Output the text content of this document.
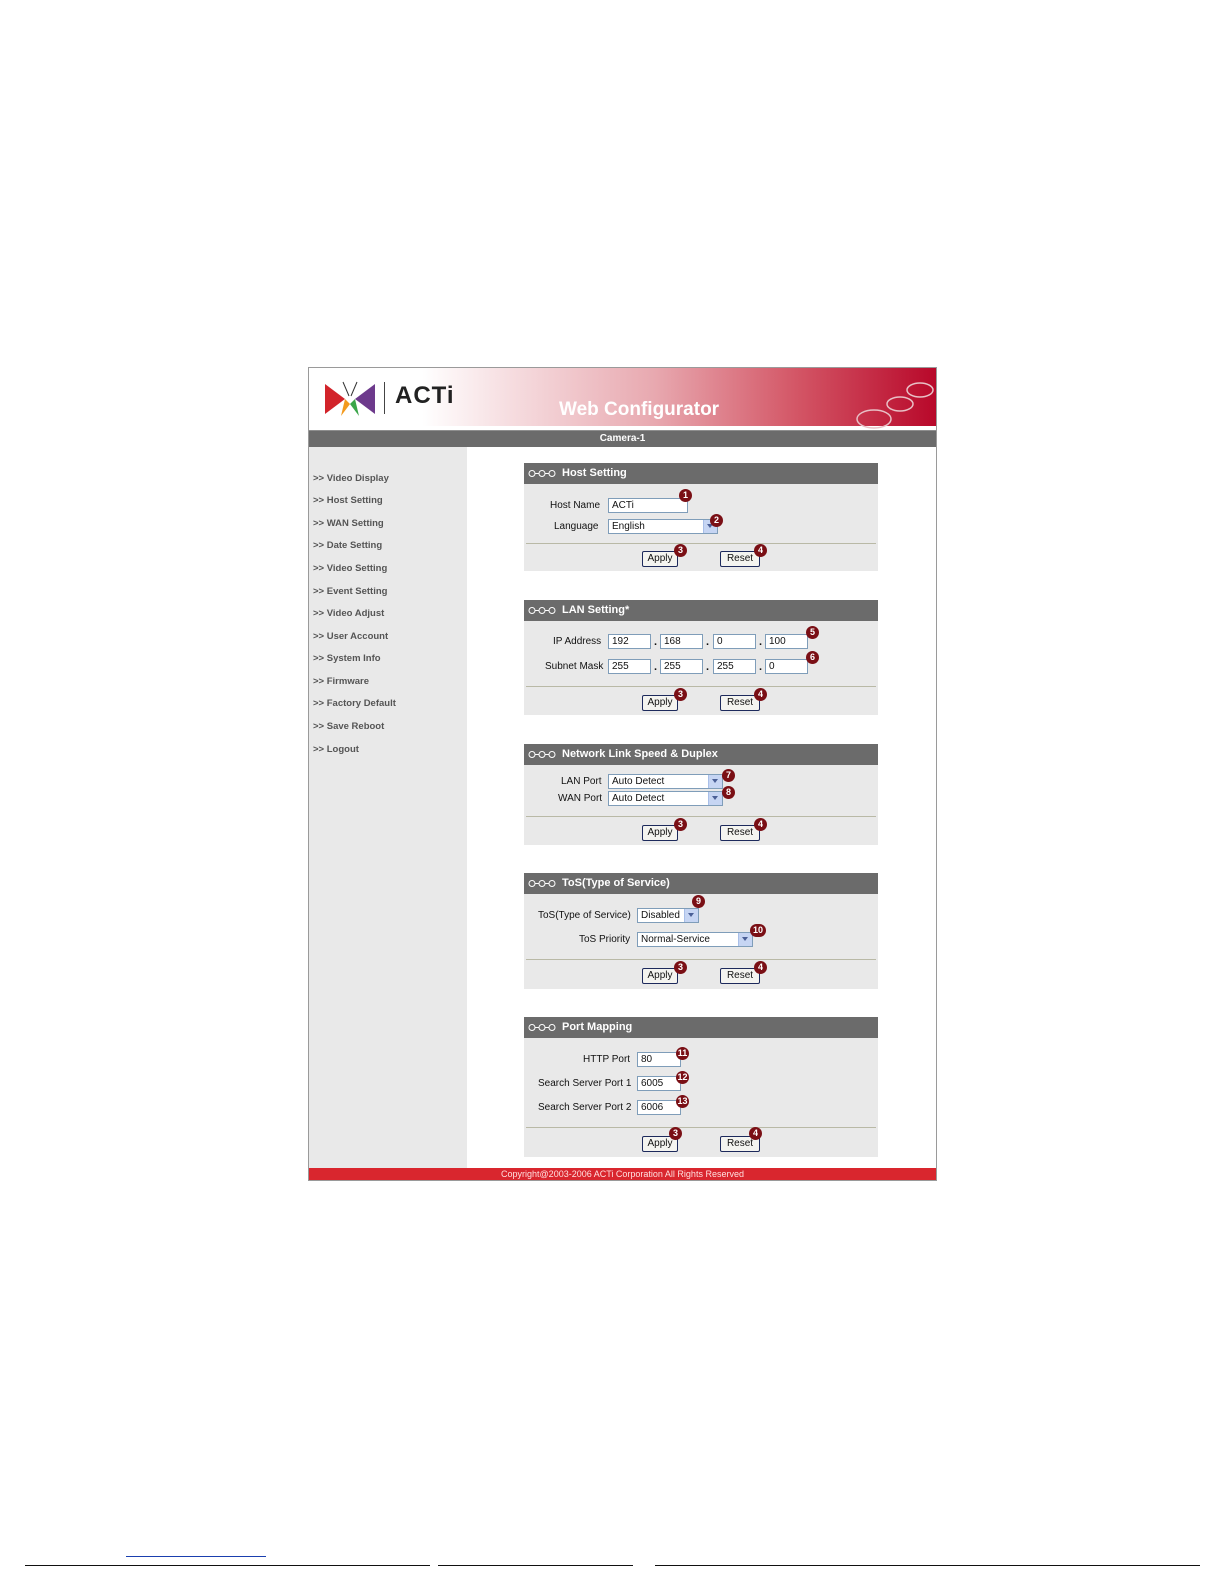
ACTi
Web Configurator
Camera-1
>> Video Display
>> Host Setting
>> WAN Setting
>> Date Setting
>> Video Setting
>> Event Setting
>> Video Adjust
>> User Account
>> System Info
>> Firmware
>> Factory Default
>> Save Reboot
>> Logout
Host Setting
Host Name	ACTi
1
Language	English
2
Apply
3
Reset
4
LAN Setting*
IP Address	192	. 168	. 0	. 100
5
Subnet Mask 255	. 255	. 255	. 0
6
Apply
3
Reset
4
Network Link Speed & Duplex
LAN Port	Auto Detect
7
WAN Port Auto Detect
8
Apply
3
Reset
4
ToS(Type of Service)
ToS(Type of Service)	Disabled
9
ToS Priority	Normal-Service
10
Apply
3
Reset
4
Port Mapping
HTTP Port	80
11
Search Server Port 1 6005
12
Search Server Port 2 6006
13
Apply
3
Reset
4
Copyright@2003-2006 ACTi Corporation All Rights Reserved
